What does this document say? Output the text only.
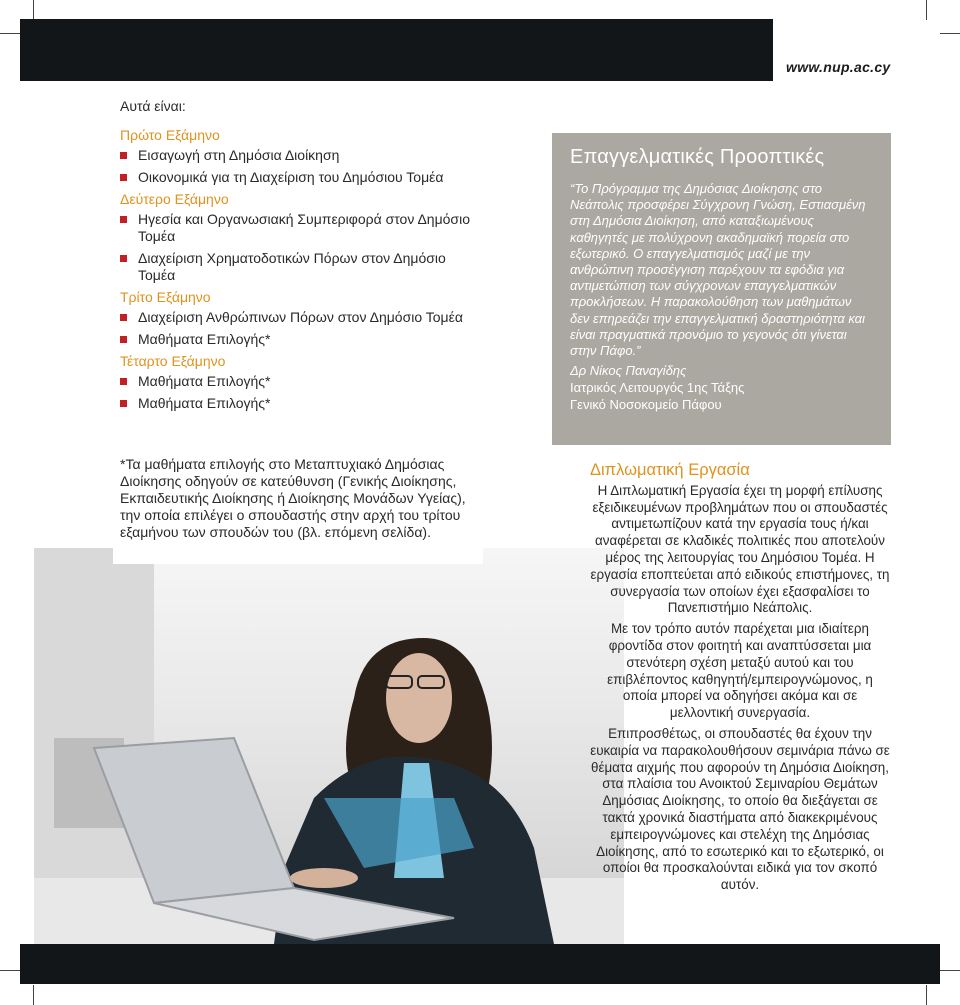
www.nup.ac.cy

Αυτά είναι:

Πρώτο Εξάμηνο

Εισαγωγή στη Δημόσια Διοίκηση
Οικονομικά για τη Διαχείριση του Δημόσιου Τομέα

Δεύτερο Εξάμηνο

Ηγεσία και Οργανωσιακή Συμπεριφορά στον Δημόσιο Τομέα
Διαχείριση Χρηματοδοτικών Πόρων στον Δημόσιο Τομέα

Τρίτο Εξάμηνο

Διαχείριση Ανθρώπινων Πόρων στον Δημόσιο Τομέα
Μαθήματα Επιλογής*

Τέταρτο Εξάμηνο

Μαθήματα Επιλογής*
Μαθήματα Επιλογής*
*Τα μαθήματα επιλογής στο Μεταπτυχιακό Δημόσιας Διοίκησης οδηγούν σε κατεύθυνση (Γενικής Διοίκησης, Εκπαιδευτικής Διοίκησης ή Διοίκησης Μονάδων Υγείας), την οποία επιλέγει ο σπουδαστής στην αρχή του τρίτου εξαμήνου των σπουδών του (βλ. επόμενη σελίδα).

Επαγγελματικές Προοπτικές

“Το Πρόγραμμα της Δημόσιας Διοίκησης στο Νεάπολις προσφέρει Σύγχρονη Γνώση, Εστιασμένη στη Δημόσια Διοίκηση, από καταξιωμένους καθηγητές με πολύχρονη ακαδημαϊκή πορεία στο εξωτερικό. Ο επαγγελματισμός μαζί με την ανθρώπινη προσέγγιση παρέχουν τα εφόδια για αντιμετώπιση των σύγχρονων επαγγελματικών προκλήσεων. Η παρακολούθηση των μαθημάτων δεν επηρεάζει την επαγγελματική δραστηριότητα και είναι πραγματικά προνόμιο το γεγονός ότι γίνεται στην Πάφο.”

Δρ Νίκος Παναγίδης

Ιατρικός Λειτουργός 1ης Τάξης

Γενικό Νοσοκομείο Πάφου

Διπλωματική Εργασία

Η Διπλωματική Εργασία έχει τη μορφή επίλυσης εξειδικευμένων προβλημάτων που οι σπουδαστές αντιμετωπίζουν κατά την εργασία τους ή/και αναφέρεται σε κλαδικές πολιτικές που αποτελούν μέρος της λειτουργίας του Δημόσιου Τομέα. Η εργασία εποπτεύεται από ειδικούς επιστήμονες, τη συνεργασία των οποίων έχει εξασφαλίσει το Πανεπιστήμιο Νεάπολις.

Με τον τρόπο αυτόν παρέχεται μια ιδιαίτερη φροντίδα στον φοιτητή και αναπτύσσεται μια στενότερη σχέση μεταξύ αυτού και του επιβλέποντος καθηγητή/εμπειρογνώμονος, η οποία μπορεί να οδηγήσει ακόμα και σε μελλοντική συνεργασία.

Επιπροσθέτως, οι σπουδαστές θα έχουν την ευκαιρία να παρακολουθήσουν σεμινάρια πάνω σε θέματα αιχμής που αφορούν τη Δημόσια Διοίκηση, στα πλαίσια του Ανοικτού Σεμιναρίου Θεμάτων Δημόσιας Διοίκησης, το οποίο θα διεξάγεται σε τακτά χρονικά διαστήματα από διακεκριμένους εμπειρογνώμονες και στελέχη της Δημόσιας Διοίκησης, από το εσωτερικό και το εξωτερικό, οι οποίοι θα προσκαλούνται ειδικά για τον σκοπό αυτόν.
